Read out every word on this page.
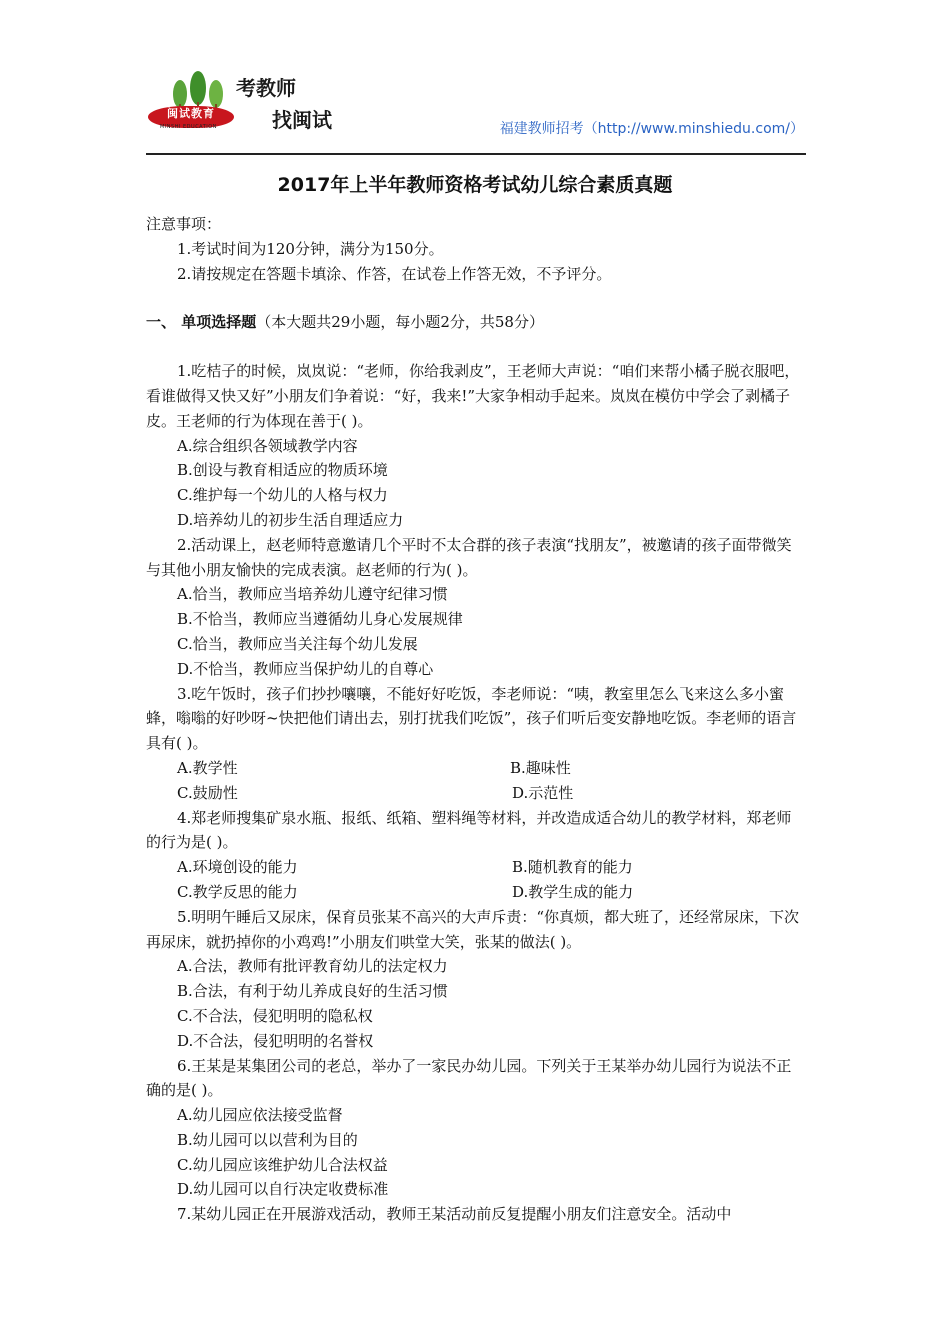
闽试教育
MINSHI EDUCATION
考教师
找闽试	福建教师招考（http://www.minshiedu.com/）
2017年上半年教师资格考试幼儿综合素质真题

注意事项：

1.考试时间为120分钟，满分为150分。

2.请按规定在答题卡填涂、作答，在试卷上作答无效，不予评分。

一、 单项选择题（本大题共29小题，每小题2分，共58分）

1.吃桔子的时候，岚岚说：“老师，你给我剥皮”，王老师大声说：“咱们来帮小橘子脱衣服吧，看谁做得又快又好”小朋友们争着说：“好，我来!”大家争相动手起来。岚岚在模仿中学会了剥橘子皮。王老师的行为体现在善于( )。

A.综合组织各领域教学内容

B.创设与教育相适应的物质环境

C.维护每一个幼儿的人格与权力

D.培养幼儿的初步生活自理适应力

2.活动课上，赵老师特意邀请几个平时不太合群的孩子表演“找朋友”，被邀请的孩子面带微笑与其他小朋友愉快的完成表演。赵老师的行为( )。

A.恰当，教师应当培养幼儿遵守纪律习惯

B.不恰当，教师应当遵循幼儿身心发展规律

C.恰当，教师应当关注每个幼儿发展

D.不恰当，教师应当保护幼儿的自尊心

3.吃午饭时，孩子们抄抄嚷嚷，不能好好吃饭，李老师说：“咦，教室里怎么飞来这么多小蜜蜂，嗡嗡的好吵呀~快把他们请出去，别打扰我们吃饭”，孩子们听后变安静地吃饭。李老师的语言具有( )。

A.教学性	B.趣味性
C.鼓励性	D.示范性

4.郑老师搜集矿泉水瓶、报纸、纸箱、塑料绳等材料，并改造成适合幼儿的教学材料，郑老师的行为是( )。

A.环境创设的能力	B.随机教育的能力
C.教学反思的能力	D.教学生成的能力

5.明明午睡后又尿床，保育员张某不高兴的大声斥责：“你真烦，都大班了，还经常尿床，下次再尿床，就扔掉你的小鸡鸡!”小朋友们哄堂大笑，张某的做法( )。

A.合法，教师有批评教育幼儿的法定权力

B.合法，有利于幼儿养成良好的生活习惯

C.不合法，侵犯明明的隐私权

D.不合法，侵犯明明的名誉权

6.王某是某集团公司的老总，举办了一家民办幼儿园。下列关于王某举办幼儿园行为说法不正确的是( )。

A.幼儿园应依法接受监督

B.幼儿园可以以营利为目的

C.幼儿园应该维护幼儿合法权益

D.幼儿园可以自行决定收费标准

7.某幼儿园正在开展游戏活动，教师王某活动前反复提醒小朋友们注意安全。活动中
